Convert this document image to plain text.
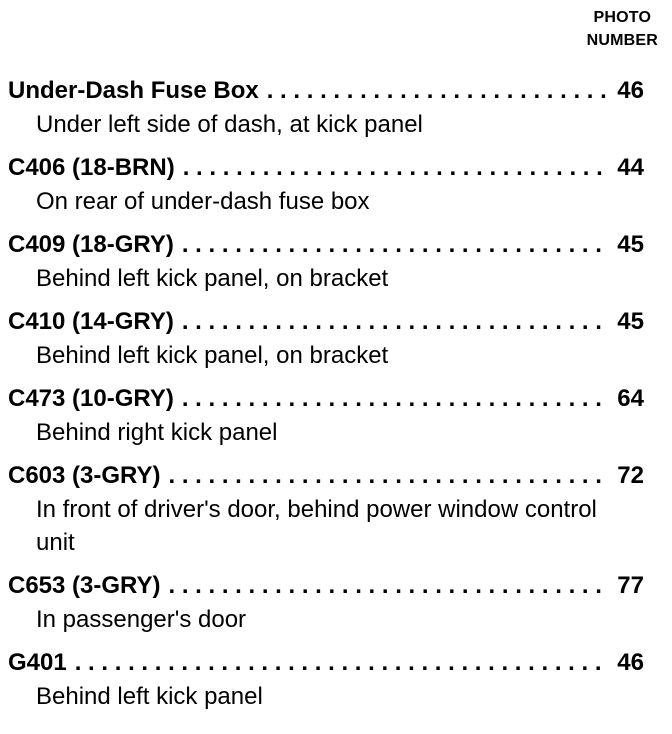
PHOTO
NUMBER
Under-Dash Fuse Box . . .	46
Under left side of dash, at kick panel
C406 (18-BRN) . . .	44
On rear of under-dash fuse box
C409 (18-GRY) . . .	45
Behind left kick panel, on bracket
C410 (14-GRY) . . .	45
Behind left kick panel, on bracket
C473 (10-GRY) . . .	64
Behind right kick panel
C603 (3-GRY) . . .	72
In front of driver's door, behind power window control unit
C653 (3-GRY) . . .	77
In passenger's door
G401 . . .	46
Behind left kick panel
